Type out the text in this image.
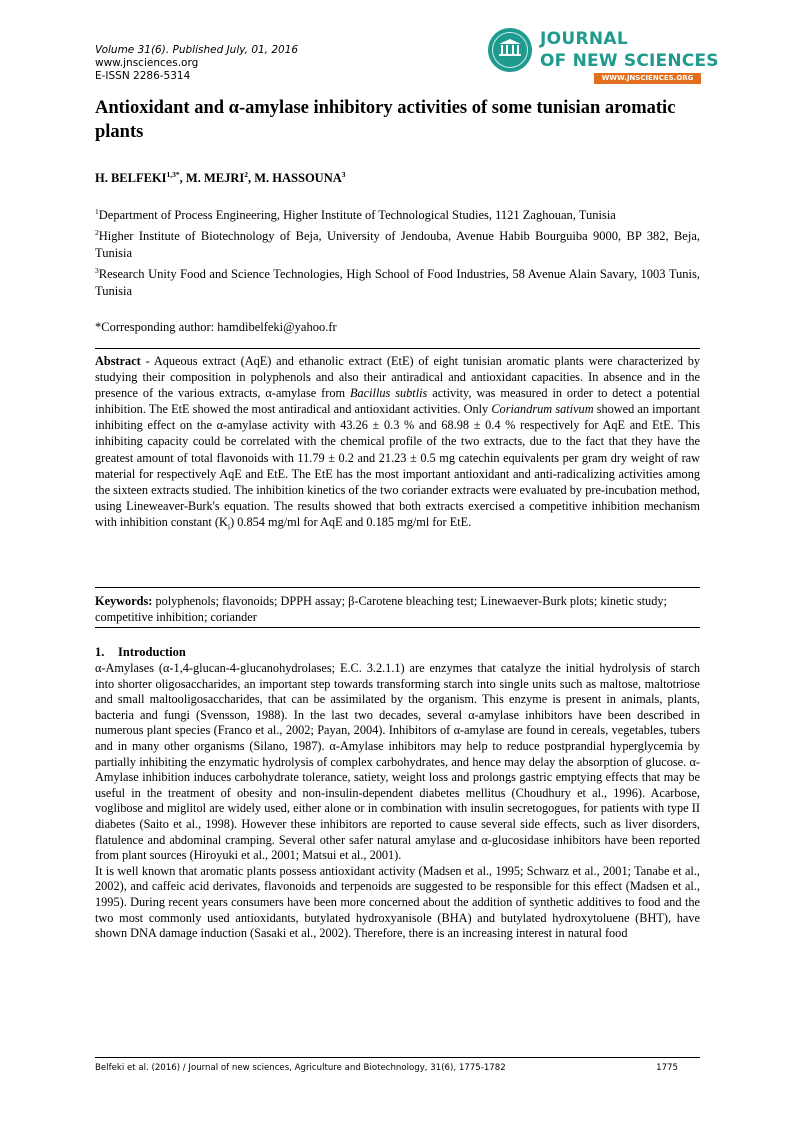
Volume 31(6). Published July, 01, 2016
www.jnsciences.org
E-ISSN 2286-5314
JOURNAL
OF NEW SCIENCES
WWW.JNSCIENCES.ORG
Antioxidant and α-amylase inhibitory activities of some tunisian aromatic plants
H. $BELFEKI^{1,3*}$, M. MEJRI$^2$, M. HASSOUNA$^3$

$^1$Department of Process Engineering, Higher Institute of Technological Studies, 1121 Zaghouan, Tunisia

$^2$Higher Institute of Biotechnology of Beja, University of Jendouba, Avenue Habib Bourguiba 9000, BP 382, Beja, Tunisia

$^3$Research Unity Food and Science Technologies, High School of Food Industries, 58 Avenue Alain Savary, 1003 Tunis, Tunisia

*Corresponding author: hamdibelfeki@yahoo.fr

Abstract - Aqueous extract (AqE) and ethanolic extract (EtE) of eight tunisian aromatic plants were characterized by studying their composition in polyphenols and also their antiradical and antioxidant capacities. In absence and in the presence of the various extracts, α-amylase from Bacillus subtlis activity, was measured in order to detect a potential inhibition. The EtE showed the most antiradical and antioxidant activities. Only Coriandrum sativum showed an important inhibiting effect on the α-amylase activity with 43.26 ± 0.3 % and 68.98 ± 0.4 % respectively for AqE and EtE. This inhibiting capacity could be correlated with the chemical profile of the two extracts, due to the fact that they have the greatest amount of total flavonoids with 11.79 ± 0.2 and 21.23 ± 0.5 mg catechin equivalents per gram dry weight of raw material for respectively AqE and EtE. The EtE has the most important antioxidant and anti-radicalizing activities among the sixteen extracts studied. The inhibition kinetics of the two coriander extracts were evaluated by pre-incubation method, using Lineweaver-Burk's equation. The results showed that both extracts exercised a competitive inhibition mechanism with inhibition constant $(K_i)$ 0.854 mg/ml for AqE and 0.185 mg/ml for EtE.

Keywords: polyphenols; flavonoids; DPPH assay; β-Carotene bleaching test; Linewaever-Burk plots; kinetic study; competitive inhibition; coriander

1. Introduction

α-Amylases (α-1,4-glucan-4-glucanohydrolases; E.C. 3.2.1.1) are enzymes that catalyze the initial hydrolysis of starch into shorter oligosaccharides, an important step towards transforming starch into single units such as maltose, maltotriose and small maltooligosaccharides, that can be assimilated by the organism. This enzyme is present in animals, plants, bacteria and fungi (Svensson, 1988). In the last two decades, several α-amylase inhibitors have been described in numerous plant species (Franco et al., 2002; Payan, 2004). Inhibitors of α-amylase are found in cereals, vegetables, tubers and in many other organisms (Silano, 1987). α-Amylase inhibitors may help to reduce postprandial hyperglycemia by partially inhibiting the enzymatic hydrolysis of complex carbohydrates, and hence may delay the absorption of glucose. α-Amylase inhibition induces carbohydrate tolerance, satiety, weight loss and prolongs gastric emptying effects that may be useful in the treatment of obesity and non-insulin-dependent diabetes mellitus (Choudhury et al., 1996). Acarbose, voglibose and miglitol are widely used, either alone or in combination with insulin secretogogues, for patients with type II diabetes (Saito et al., 1998). However these inhibitors are reported to cause several side effects, such as liver disorders, flatulence and abdominal cramping. Several other safer natural amylase and α-glucosidase inhibitors have been reported from plant sources (Hiroyuki et al., 2001; Matsui et al., 2001).

It is well known that aromatic plants possess antioxidant activity (Madsen et al., 1995; Schwarz et al., 2001; Tanabe et al., 2002), and caffeic acid derivates, flavonoids and terpenoids are suggested to be responsible for this effect (Madsen et al., 1995). During recent years consumers have been more concerned about the addition of synthetic additives to food and the two most commonly used antioxidants, butylated hydroxyanisole (BHA) and butylated hydroxytoluene (BHT), have shown DNA damage induction (Sasaki et al., 2002). Therefore, there is an increasing interest in natural food

Belfeki et al. (2016) / Journal of new sciences, Agriculture and Biotechnology, 31(6), 1775-1782	1775
